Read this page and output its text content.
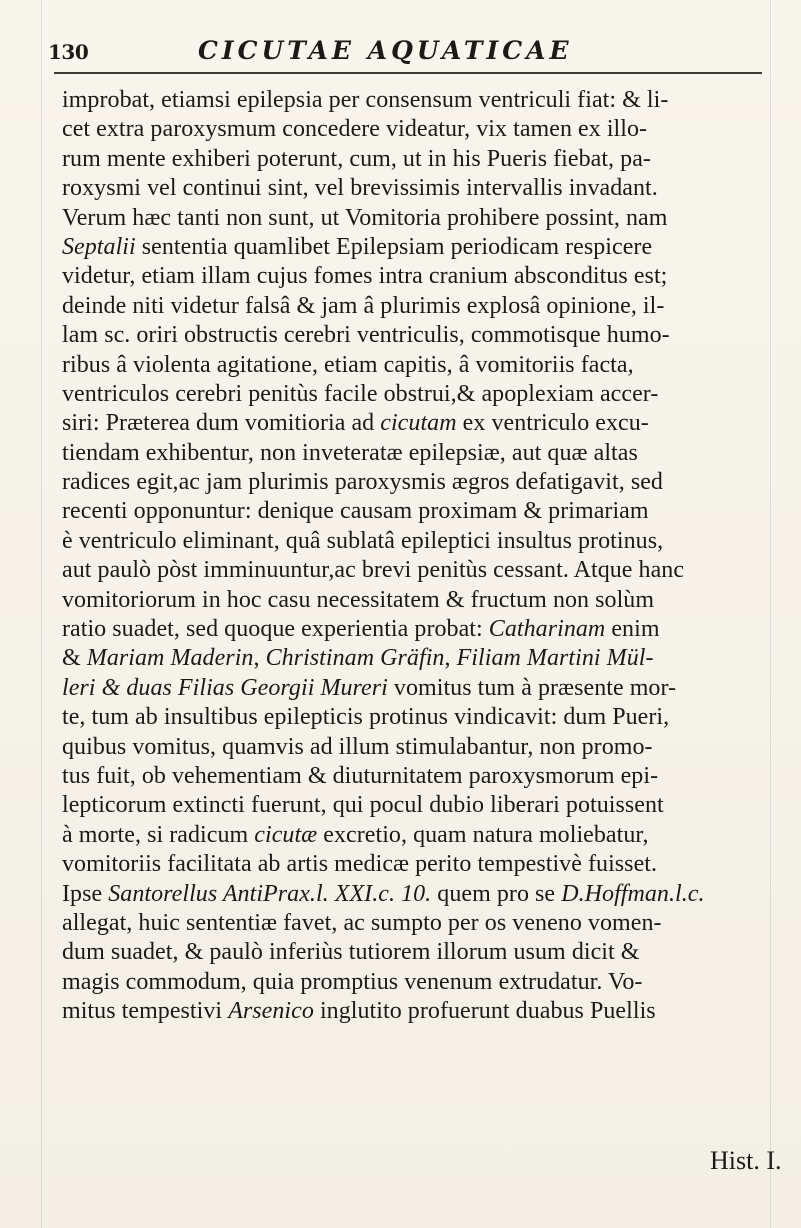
130	CICUTAE AQUATICAE
improbat, etiamsi epilepsia per consensum ventriculi fiat: & li-
cet extra paroxysmum concedere videatur, vix tamen ex illo-
rum mente exhiberi poterunt, cum, ut in his Pueris fiebat, pa-
roxysmi vel continui sint, vel brevissimis intervallis invadant.
Verum hæc tanti non sunt, ut Vomitoria prohibere possint, nam
Septalii sententia quamlibet Epilepsiam periodicam respicere
videtur, etiam illam cujus fomes intra cranium absconditus est;
deinde niti videtur falsâ & jam â plurimis explosâ opinione, il-
lam sc. oriri obstructis cerebri ventriculis, commotisque humo-
ribus â violenta agitatione, etiam capitis, â vomitoriis facta,
ventriculos cerebri penitùs facile obstrui,& apoplexiam accer-
siri: Præterea dum vomitioria ad cicutam ex ventriculo excu-
tiendam exhibentur, non inveteratæ epilepsiæ, aut quæ altas
radices egit,ac jam plurimis paroxysmis ægros defatigavit, sed
recenti opponuntur: denique causam proximam & primariam
è ventriculo eliminant, quâ sublatâ epileptici insultus protinus,
aut paulò pòst imminuuntur,ac brevi penitùs cessant. Atque hanc
vomitoriorum in hoc casu necessitatem & fructum non solùm
ratio suadet, sed quoque experientia probat: Catharinam enim
& Mariam Maderin, Christinam Gräfin, Filiam Martini Mül-
leri & duas Filias Georgii Mureri vomitus tum à præsente mor-
te, tum ab insultibus epilepticis protinus vindicavit: dum Pueri,
quibus vomitus, quamvis ad illum stimulabantur, non promo-
tus fuit, ob vehementiam & diuturnitatem paroxysmorum epi-
lepticorum extincti fuerunt, qui pocul dubio liberari potuissent
à morte, si radicum cicutæ excretio, quam natura moliebatur,
vomitoriis facilitata ab artis medicæ perito tempestivè fuisset.
Ipse Santorellus AntiPrax.l. XXI.c. 10. quem pro se D.Hoffman.l.c.
allegat, huic sententiæ favet, ac sumpto per os veneno vomen-
dum suadet, & paulò inferiùs tutiorem illorum usum dicit &
magis commodum, quia promptius venenum extrudatur. Vo-
mitus tempestivi Arsenico inglutito profuerunt duabus Puellis
Hist. I.
